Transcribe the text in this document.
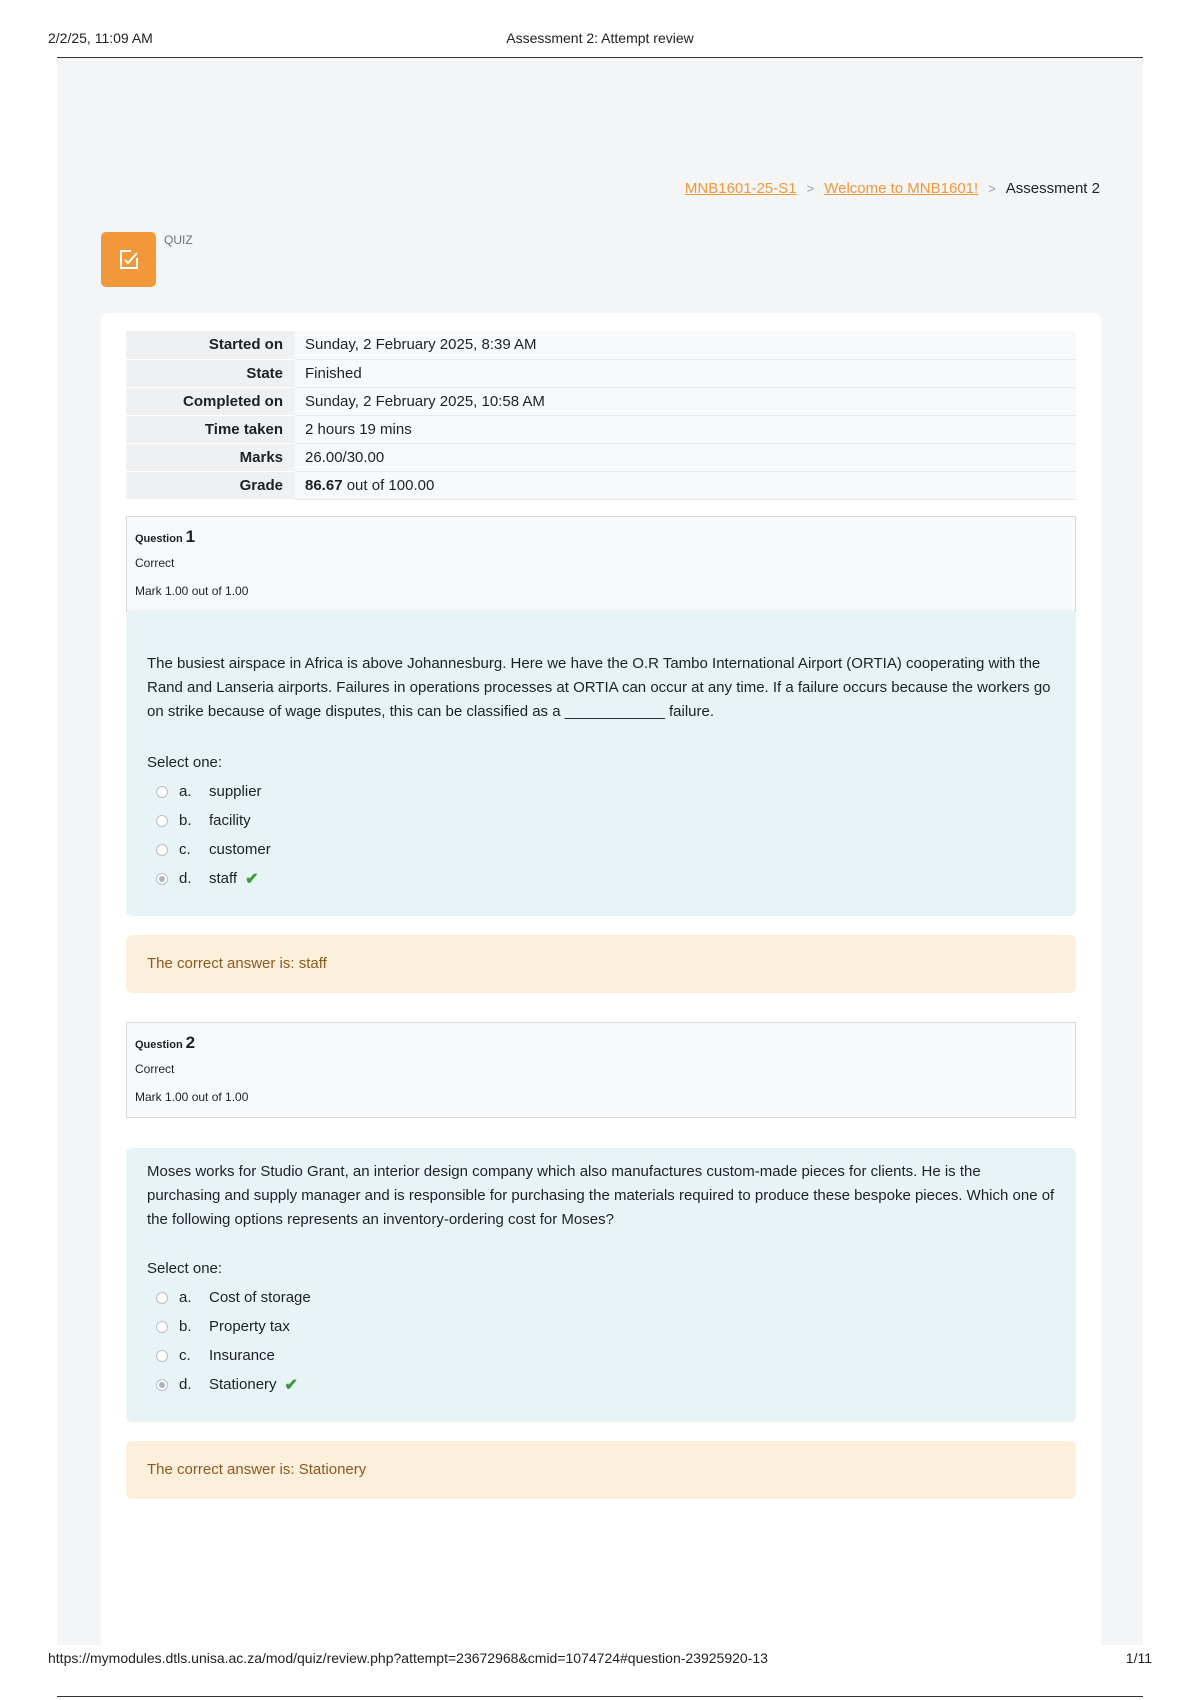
2/2/25, 11:09 AM	Assessment 2: Attempt review
MNB1601-25-S1 > Welcome to MNB1601! > Assessment 2
QUIZ
Started on	Sunday, 2 February 2025, 8:39 AM
State	Finished
Completed on	Sunday, 2 February 2025, 10:58 AM
Time taken	2 hours 19 mins
Marks	26.00/30.00
Grade	86.67 out of 100.00
Question 1
Correct
Mark 1.00 out of 1.00
The busiest airspace in Africa is above Johannesburg. Here we have the O.R Tambo International Airport (ORTIA) cooperating with the Rand and Lanseria airports. Failures in operations processes at ORTIA can occur at any time. If a failure occurs because the workers go on strike because of wage disputes, this can be classified as a ____________ failure.
Select one:
a.	supplier
b.	facility
c.	customer
d.	staff ✔
The correct answer is: staff
Question 2
Correct
Mark 1.00 out of 1.00
Moses works for Studio Grant, an interior design company which also manufactures custom-made pieces for clients. He is the purchasing and supply manager and is responsible for purchasing the materials required to produce these bespoke pieces. Which one of the following options represents an inventory-ordering cost for Moses?
Select one:
a.	Cost of storage
b.	Property tax
c.	Insurance
d.	Stationery ✔
The correct answer is: Stationery
https://mymodules.dtls.unisa.ac.za/mod/quiz/review.php?attempt=23672968&cmid=1074724#question-23925920-13	1/11
